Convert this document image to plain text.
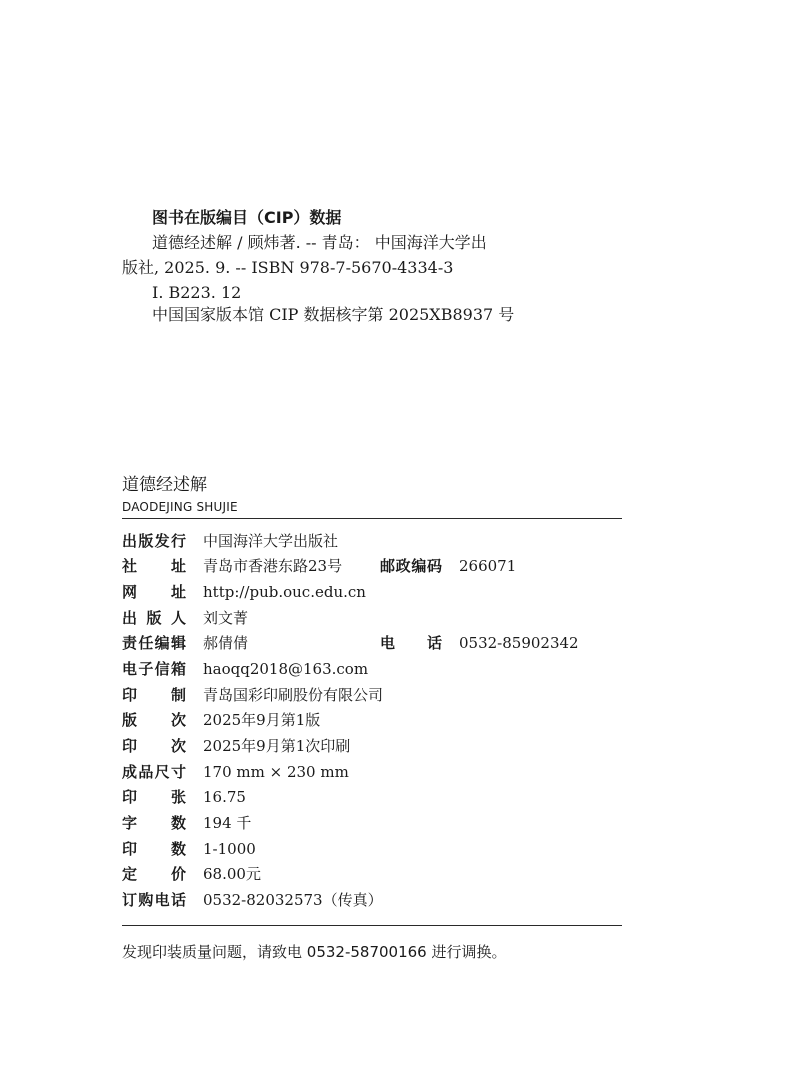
图书在版编目（CIP）数据
道德经述解 / 顾炜著. -- 青岛： 中国海洋大学出
版社, 2025. 9. -- ISBN 978-7-5670-4334-3
Ⅰ. B223. 12
中国国家版本馆 CIP 数据核字第 2025XB8937 号
道德经述解
DAODEJING SHUJIE
出 版 发 行 中国海洋大学出版社
社 址 青岛市香港东路23号	邮 政 编 码 266071
网 址 http://pub.ouc.edu.cn
出 版 人 刘文菁
责 任 编 辑 郝倩倩	电 话 0532-85902342
电 子 信 箱 haoqq2018@163.com
印 制 青岛国彩印刷股份有限公司
版 次 2025年9月第1版
印 次 2025年9月第1次印刷
成 品 尺 寸 170 mm × 230 mm
印 张 16.75
字 数 194 千
印 数 1-1000
定 价 68.00元
订 购 电 话 0532-82032573（传真）
发现印装质量问题，请致电 0532-58700166 进行调换。
